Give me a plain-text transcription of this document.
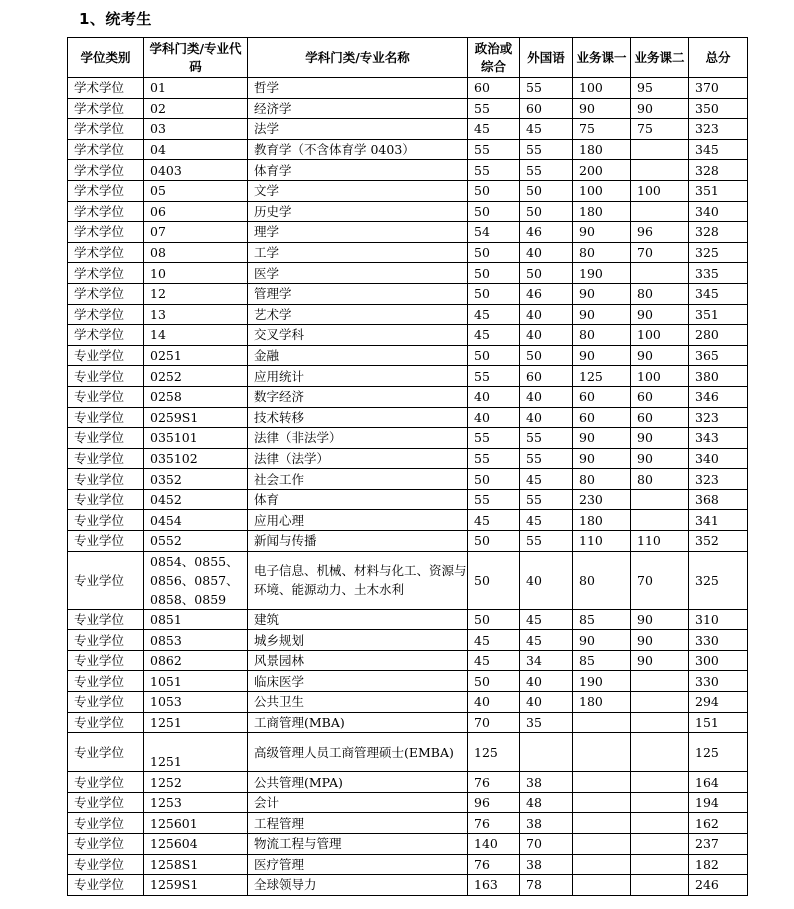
1、统考生
学位类别	学科门类/专业代码	学科门类/专业名称	政治或综合	外国语	业务课一	业务课二	总分
学术学位	01	哲学	60	55	100	95	370
学术学位	02	经济学	55	60	90	90	350
学术学位	03	法学	45	45	75	75	323
学术学位	04	教育学（不含体育学 0403）	55	55	180		345
学术学位	0403	体育学	55	55	200		328
学术学位	05	文学	50	50	100	100	351
学术学位	06	历史学	50	50	180		340
学术学位	07	理学	54	46	90	96	328
学术学位	08	工学	50	40	80	70	325
学术学位	10	医学	50	50	190		335
学术学位	12	管理学	50	46	90	80	345
学术学位	13	艺术学	45	40	90	90	351
学术学位	14	交叉学科	45	40	80	100	280
专业学位	0251	金融	50	50	90	90	365
专业学位	0252	应用统计	55	60	125	100	380
专业学位	0258	数字经济	40	40	60	60	346
专业学位	0259S1	技术转移	40	40	60	60	323
专业学位	035101	法律（非法学）	55	55	90	90	343
专业学位	035102	法律（法学）	55	55	90	90	340
专业学位	0352	社会工作	50	45	80	80	323
专业学位	0452	体育	55	55	230		368
专业学位	0454	应用心理	45	45	180		341
专业学位	0552	新闻与传播	50	55	110	110	352
专业学位	0854、0855、0856、0857、0858、0859	电子信息、机械、材料与化工、资源与环境、能源动力、土木水利	50	40	80	70	325
专业学位	0851	建筑	50	45	85	90	310
专业学位	0853	城乡规划	45	45	90	90	330
专业学位	0862	风景园林	45	34	85	90	300
专业学位	1051	临床医学	50	40	190		330
专业学位	1053	公共卫生	40	40	180		294
专业学位	1251	工商管理(MBA)	70	35			151
专业学位	1251	高级管理人员工商管理硕士(EMBA)	125				125
专业学位	1252	公共管理(MPA)	76	38			164
专业学位	1253	会计	96	48			194
专业学位	125601	工程管理	76	38			162
专业学位	125604	物流工程与管理	140	70			237
专业学位	1258S1	医疗管理	76	38			182
专业学位	1259S1	全球领导力	163	78			246
